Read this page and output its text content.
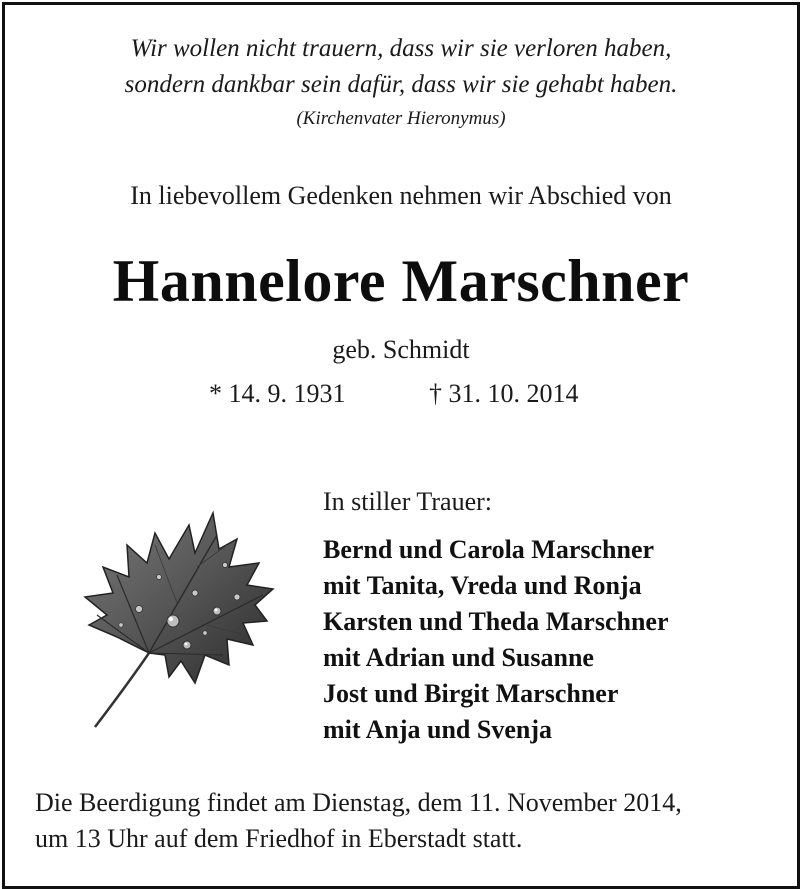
Wir wollen nicht trauern, dass wir sie verloren haben,
sondern dankbar sein dafür, dass wir sie gehabt haben.
(Kirchenvater Hieronymus)
In liebevollem Gedenken nehmen wir Abschied von
Hannelore Marschner
geb. Schmidt
* 14. 9. 1931	† 31. 10. 2014
In stiller Trauer:
Bernd und Carola Marschner
mit Tanita, Vreda und Ronja
Karsten und Theda Marschner
mit Adrian und Susanne
Jost und Birgit Marschner
mit Anja und Svenja
Die Beerdigung findet am Dienstag, dem 11. November 2014,
um 13 Uhr auf dem Friedhof in Eberstadt statt.
